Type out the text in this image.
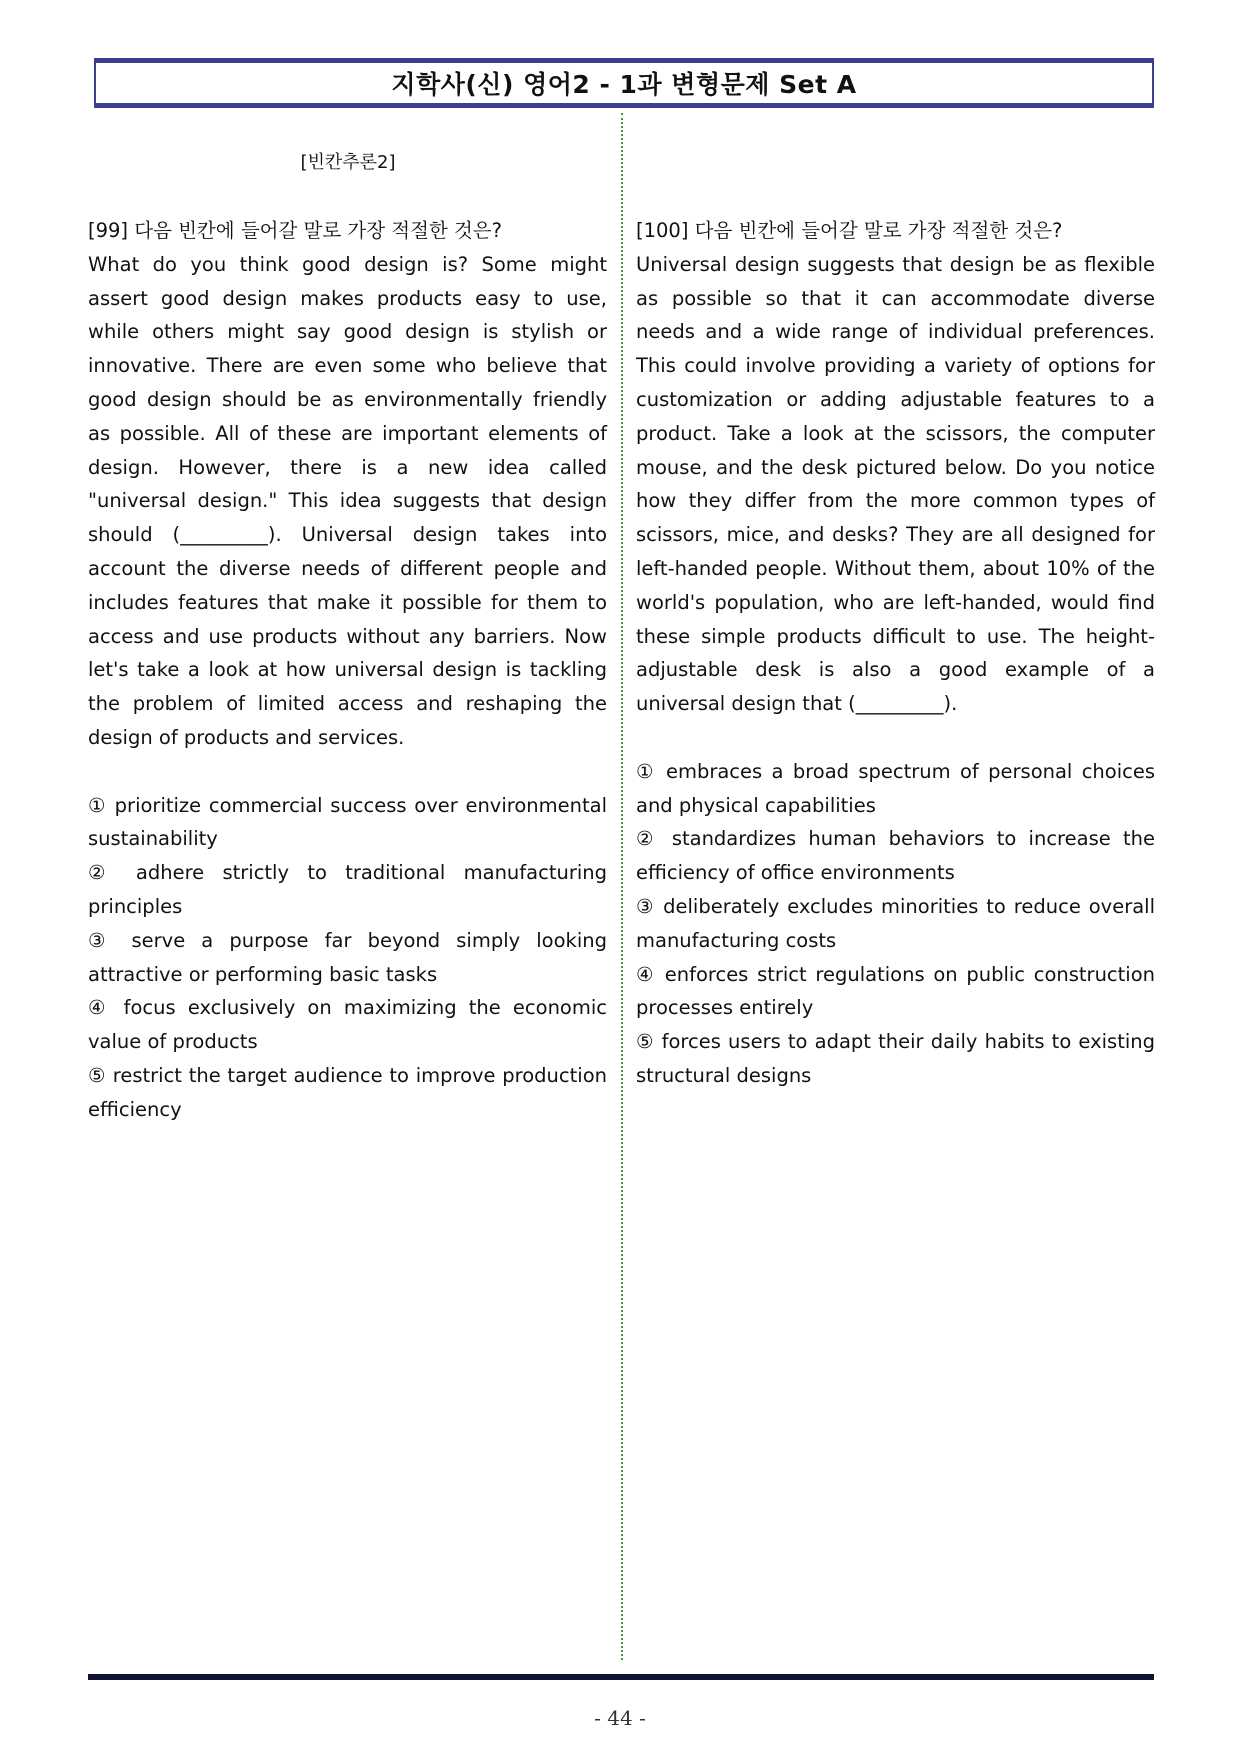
지학사(신) 영어2 - 1과 변형문제 Set A
[빈칸추론2]
[99] 다음 빈칸에 들어갈 말로 가장 적절한 것은?
What do you think good design is? Some might assert good design makes products easy to use, while others might say good design is stylish or innovative. There are even some who believe that good design should be as environmentally friendly as possible. All of these are important elements of design. However, there is a new idea called "universal design." This idea suggests that design should (_________). Universal design takes into account the diverse needs of different people and includes features that make it possible for them to access and use products without any barriers. Now let's take a look at how universal design is tackling the problem of limited access and reshaping the design of products and services.
① prioritize commercial success over environmental sustainability
② adhere strictly to traditional manufacturing principles
③ serve a purpose far beyond simply looking attractive or performing basic tasks
④ focus exclusively on maximizing the economic value of products
⑤ restrict the target audience to improve production efficiency
[100] 다음 빈칸에 들어갈 말로 가장 적절한 것은?
Universal design suggests that design be as flexible as possible so that it can accommodate diverse needs and a wide range of individual preferences. This could involve providing a variety of options for customization or adding adjustable features to a product. Take a look at the scissors, the computer mouse, and the desk pictured below. Do you notice how they differ from the more common types of scissors, mice, and desks? They are all designed for left-handed people. Without them, about 10% of the world's population, who are left-handed, would find these simple products difficult to use. The height-adjustable desk is also a good example of a universal design that (_________).
① embraces a broad spectrum of personal choices and physical capabilities
② standardizes human behaviors to increase the efficiency of office environments
③ deliberately excludes minorities to reduce overall manufacturing costs
④ enforces strict regulations on public construction processes entirely
⑤ forces users to adapt their daily habits to existing structural designs
- 44 -
